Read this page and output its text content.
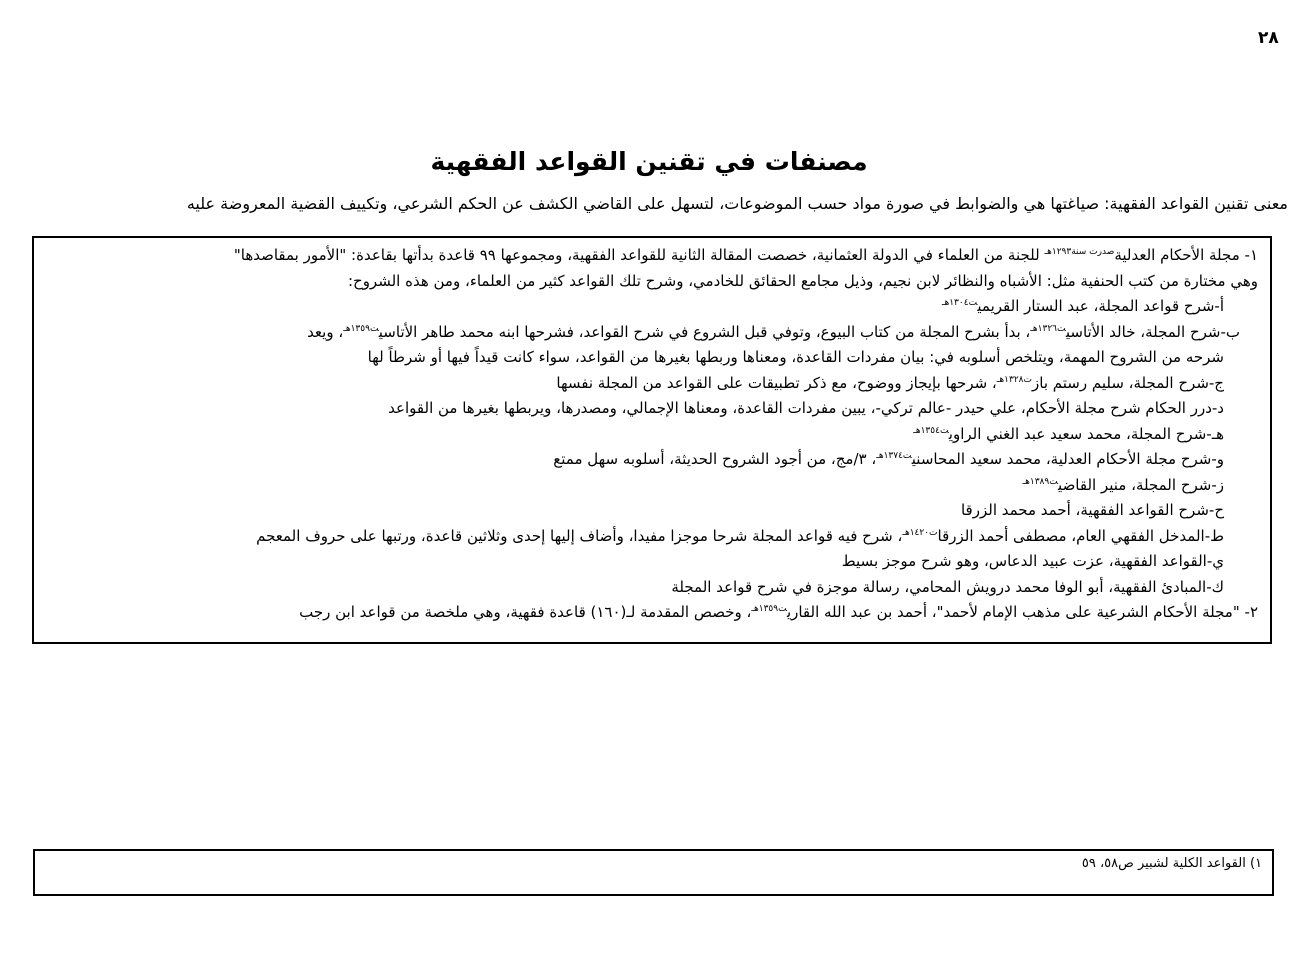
٢٨
مصنفات في تقنين القواعد الفقهية
معنى تقنين القواعد الفقهية: صياغتها هي والضوابط في صورة مواد حسب الموضوعات، لتسهل على القاضي الكشف عن الحكم الشرعي، وتكييف القضية المعروضة عليه
١- مجلة الأحكام العدلية$^{صدرت سنة١٢٩٣هـ}$ للجنة من العلماء في الدولة العثمانية، خصصت المقالة الثانية للقواعد الفقهية، ومجموعها ٩٩ قاعدة بدأتها بقاعدة: "الأمور بمقاصدها"
وهي مختارة من كتب الحنفية مثل: الأشباه والنظائر لابن نجيم، وذيل مجامع الحقائق للخادمي، وشرح تلك القواعد كثير من العلماء، ومن هذه الشروح:
أ-شرح قواعد المجلة، عبد الستار القريمي$^{ت١٣٠٤هـ}$
ب-شرح المجلة، خالد الأتاسي$^{ت١٣٢٦هـ}$، بدأ بشرح المجلة من كتاب البيوع، وتوفي قبل الشروع في شرح القواعد، فشرحها ابنه محمد طاهر الأتاسي$^{ت١٣٥٩هـ}$، ويعد
شرحه من الشروح المهمة، ويتلخص أسلوبه في: بيان مفردات القاعدة، ومعناها وربطها بغيرها من القواعد، سواء كانت قيداً فيها أو شرطاً لها
ج-شرح المجلة، سليم رستم باز$^{ت١٣٢٨هـ}$، شرحها بإيجاز ووضوح، مع ذكر تطبيقات على القواعد من المجلة نفسها
د-درر الحكام شرح مجلة الأحكام، علي حيدر -عالم تركي-، يبين مفردات القاعدة، ومعناها الإجمالي، ومصدرها، ويربطها بغيرها من القواعد
هـ-شرح المجلة، محمد سعيد عبد الغني الراوي$^{ت١٣٥٤هـ}$
و-شرح مجلة الأحكام العدلية، محمد سعيد المحاسني$^{ت١٣٧٤هـ}$، ٣/مج، من أجود الشروح الحديثة، أسلوبه سهل ممتع
ز-شرح المجلة، منير القاضي$^{ت١٣٨٩هـ}$
ح-شرح القواعد الفقهية، أحمد محمد الزرقا
ط-المدخل الفقهي العام، مصطفى أحمد الزرقا$^{ت١٤٢٠هـ}$، شرح فيه قواعد المجلة شرحا موجزا مفيدا، وأضاف إليها إحدى وثلاثين قاعدة، ورتبها على حروف المعجم
ي-القواعد الفقهية، عزت عبيد الدعاس، وهو شرح موجز بسيط
ك-المبادئ الفقهية، أبو الوفا محمد درويش المحامي، رسالة موجزة في شرح قواعد المجلة
٢- "مجلة الأحكام الشرعية على مذهب الإمام لأحمد"، أحمد بن عبد الله القاري$^{ت١٣٥٩هـ}$، وخصص المقدمة لـ(١٦٠) قاعدة فقهية، وهي ملخصة من قواعد ابن رجب
١) القواعد الكلية لشبير ص٥٨، ٥٩
